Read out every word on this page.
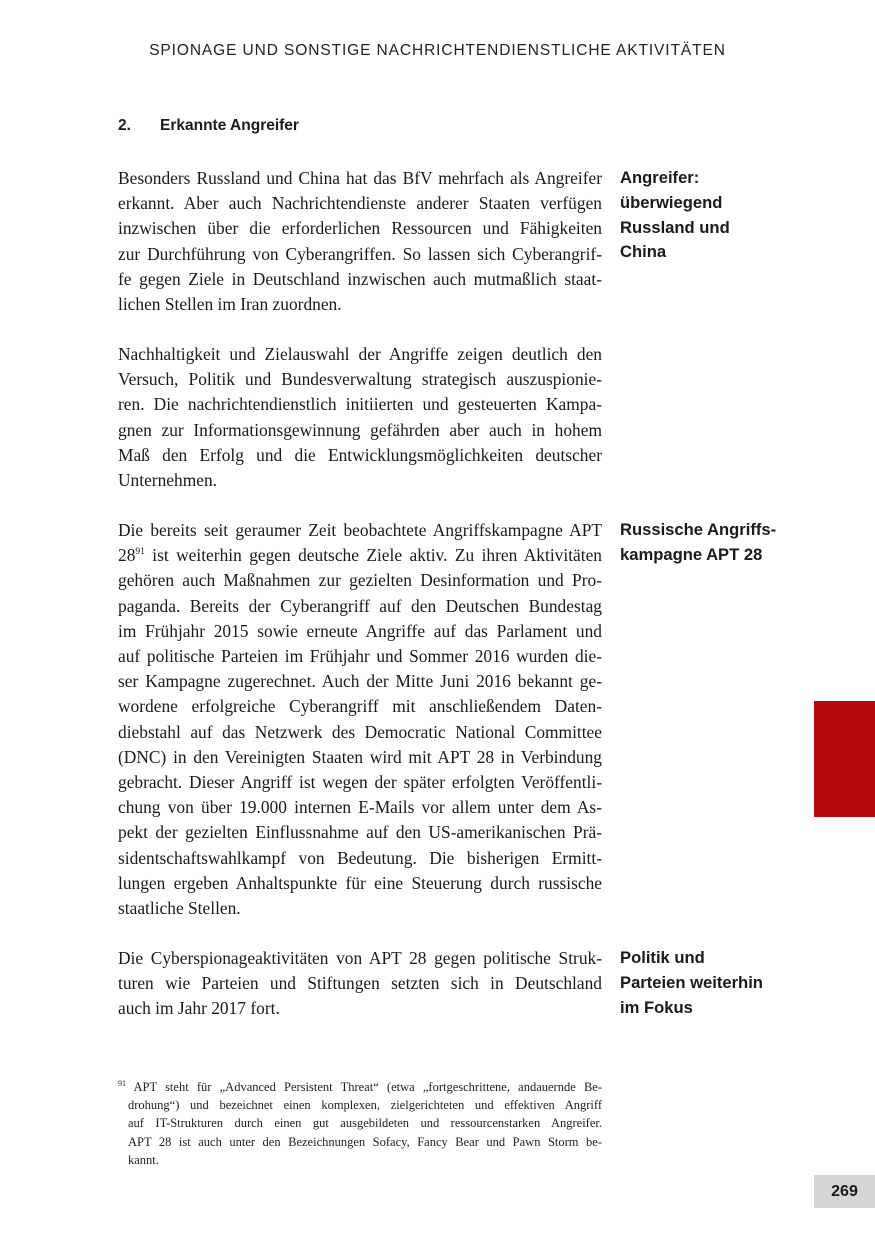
SPIONAGE UND SONSTIGE NACHRICHTENDIENSTLICHE AKTIVITÄTEN
2. Erkannte Angreifer

Besonders Russland und China hat das BfV mehrfach als Angreifer
erkannt. Aber auch Nachrichtendienste anderer Staaten verfügen
inzwischen über die erforderlichen Ressourcen und Fähigkeiten
zur Durchführung von Cyberangriffen. So lassen sich Cyberangrif-
fe gegen Ziele in Deutschland inzwischen auch mutmaßlich staat-
lichen Stellen im Iran zuordnen.

Angreifer:
überwiegend
Russland und
China

Nachhaltigkeit und Zielauswahl der Angriffe zeigen deutlich den
Versuch, Politik und Bundesverwaltung strategisch auszuspionie-
ren. Die nachrichtendienstlich initiierten und gesteuerten Kampa-
gnen zur Informationsgewinnung gefährden aber auch in hohem
Maß den Erfolg und die Entwicklungsmöglichkeiten deutscher
Unternehmen.

Die bereits seit geraumer Zeit beobachtete Angriffskampagne APT
$28^{91}$ ist weiterhin gegen deutsche Ziele aktiv. Zu ihren Aktivitäten
gehören auch Maßnahmen zur gezielten Desinformation und Pro-
paganda. Bereits der Cyberangriff auf den Deutschen Bundestag
im Frühjahr 2015 sowie erneute Angriffe auf das Parlament und
auf politische Parteien im Frühjahr und Sommer 2016 wurden die-
ser Kampagne zugerechnet. Auch der Mitte Juni 2016 bekannt ge-
wordene erfolgreiche Cyberangriff mit anschließendem Daten-
diebstahl auf das Netzwerk des Democratic National Committee
(DNC) in den Vereinigten Staaten wird mit APT 28 in Verbindung
gebracht. Dieser Angriff ist wegen der später erfolgten Veröffentli-
chung von über 19.000 internen E-Mails vor allem unter dem As-
pekt der gezielten Einflussnahme auf den US-amerikanischen Prä-
sidentschaftswahlkampf von Bedeutung. Die bisherigen Ermitt-
lungen ergeben Anhaltspunkte für eine Steuerung durch russische
staatliche Stellen.

Russische Angriffs-
kampagne APT 28

Die Cyberspionageaktivitäten von APT 28 gegen politische Struk-
turen wie Parteien und Stiftungen setzten sich in Deutschland
auch im Jahr 2017 fort.

Politik und
Parteien weiterhin
im Fokus
$^{91}$ APT steht für „Advanced Persistent Threat“ (etwa „fortgeschrittene, andauernde Be-
drohung“) und bezeichnet einen komplexen, zielgerichteten und effektiven Angriff
auf IT-Strukturen durch einen gut ausgebildeten und ressourcenstarken Angreifer.
APT 28 ist auch unter den Bezeichnungen Sofacy, Fancy Bear und Pawn Storm be-
kannt.
269
